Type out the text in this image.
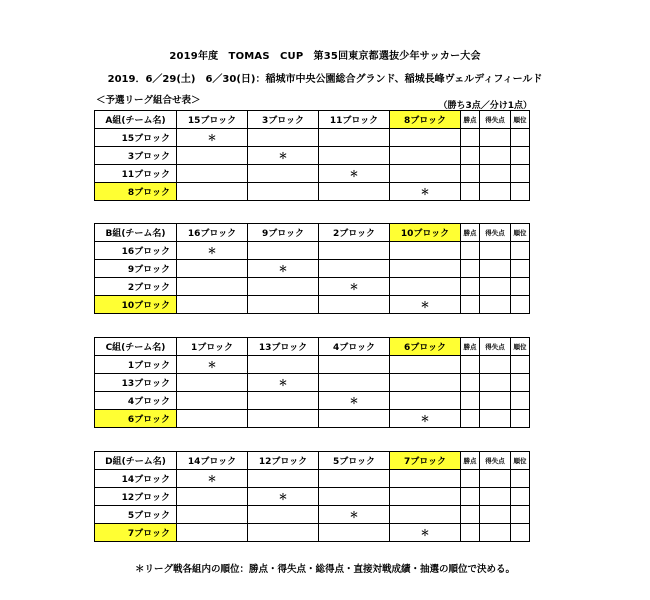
2019年度　TOMAS　CUP　第35回東京都選抜少年サッカー大会
2019．6／29(土)　6／30(日)：稲城市中央公園総合グランド、稲城長峰ヴェルディフィールド
＜予選リーグ組合せ表＞	（勝ち3点／分け1点）
A組(チーム名)	15ブロック	3ブロック	11ブロック	8ブロック	勝点	得失点	順位
15ブロック	＊						
3ブロック		＊					
11ブロック			＊				
8ブロック				＊			
B組(チーム名)	16ブロック	9ブロック	2ブロック	10ブロック	勝点	得失点	順位
16ブロック	＊						
9ブロック		＊					
2ブロック			＊				
10ブロック				＊			
C組(チーム名)	1ブロック	13ブロック	4ブロック	6ブロック	勝点	得失点	順位
1ブロック	＊						
13ブロック		＊					
4ブロック			＊				
6ブロック				＊			
D組(チーム名)	14ブロック	12ブロック	5ブロック	7ブロック	勝点	得失点	順位
14ブロック	＊						
12ブロック		＊					
5ブロック			＊				
7ブロック				＊			
＊リーグ戦各組内の順位：勝点・得失点・総得点・直接対戦成績・抽選の順位で決める。
